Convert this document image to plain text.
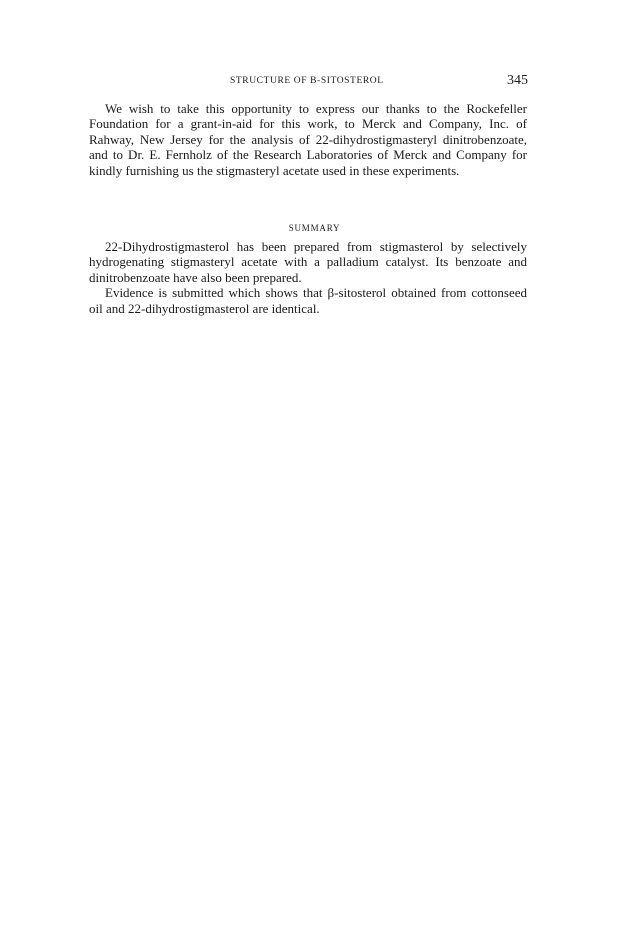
STRUCTURE OF Β-SITOSTEROL	345

We wish to take this opportunity to express our thanks to the Rockefeller Foundation for a grant-in-aid for this work, to Merck and Company, Inc. of Rahway, New Jersey for the analysis of 22-dihydrostigmasteryl dinitrobenzoate, and to Dr. E. Fernholz of the Research Laboratories of Merck and Company for kindly furnishing us the stigmasteryl acetate used in these experiments.

SUMMARY

22-Dihydrostigmasterol has been prepared from stigmasterol by selectively hydrogenating stigmasteryl acetate with a palladium catalyst. Its benzoate and dinitrobenzoate have also been prepared.

Evidence is submitted which shows that β-sitosterol obtained from cottonseed oil and 22-dihydrostigmasterol are identical.
